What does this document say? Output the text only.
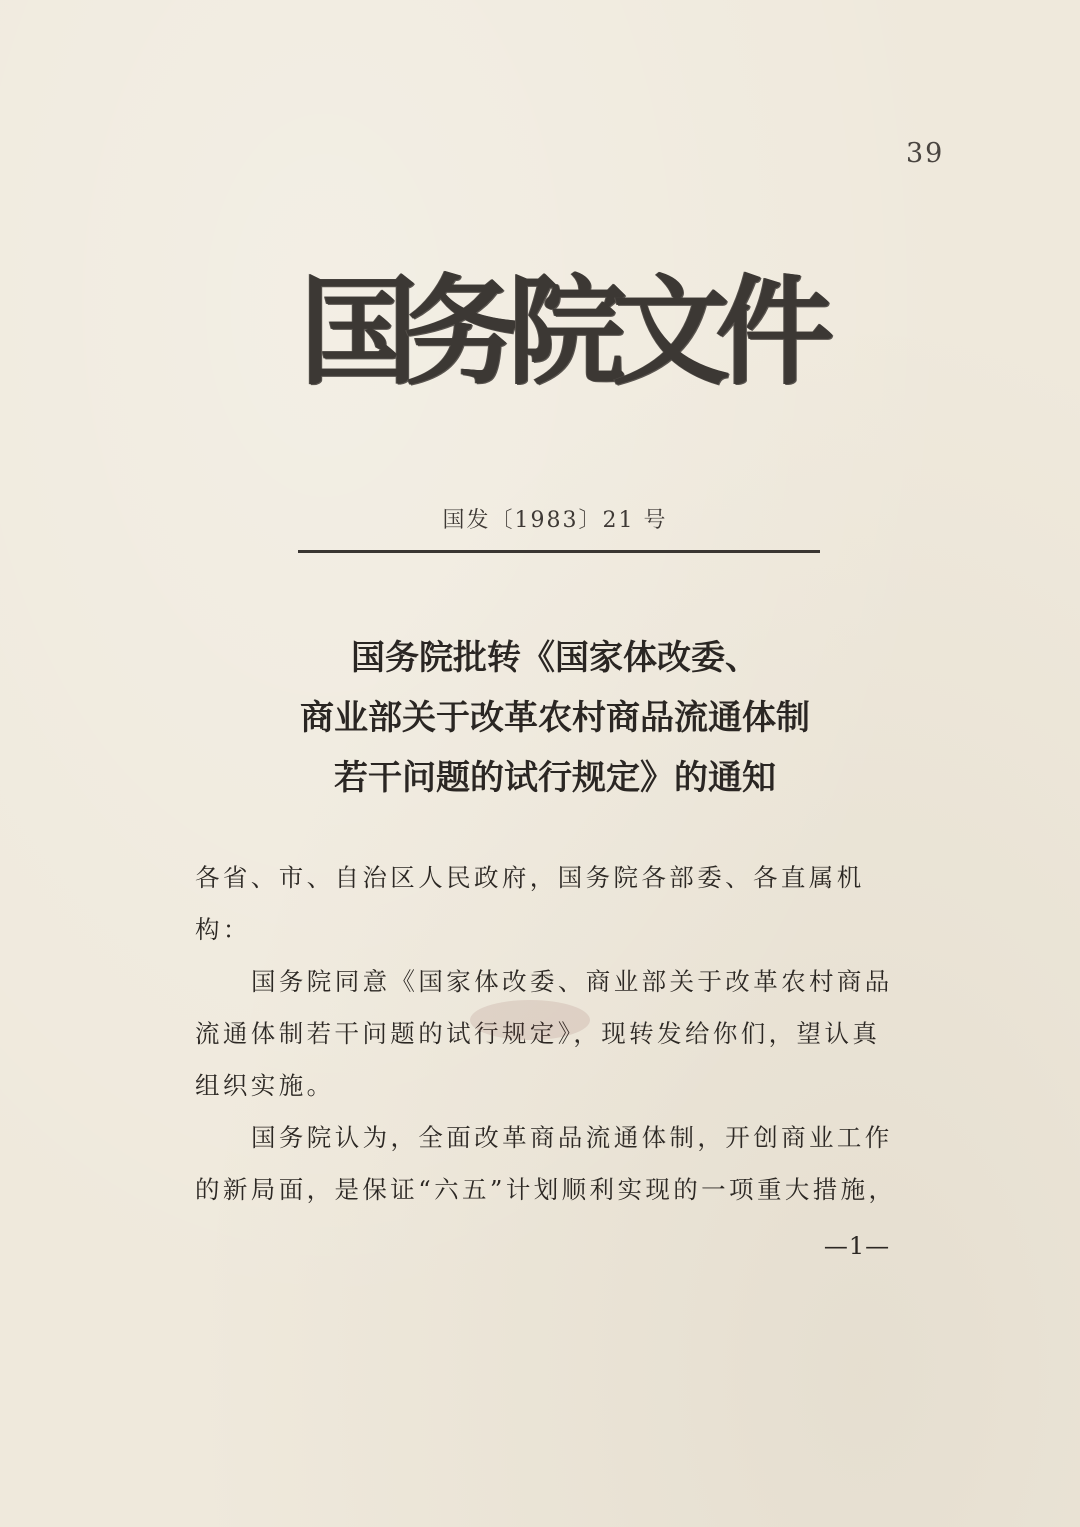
39
国
务
院
文
件
国发〔1983〕21 号
国务院批转《国家体改委、
商业部关于改革农村商品流通体制
若干问题的试行规定》的通知
各省、市、自治区人民政府，国务院各部委、各直属机
构：
国务院同意《国家体改委、商业部关于改革农村商品
流通体制若干问题的试行规定》，现转发给你们，望认真
组织实施。
国务院认为，全面改革商品流通体制，开创商业工作
的新局面，是保证“六五”计划顺利实现的一项重大措施，
—1—
